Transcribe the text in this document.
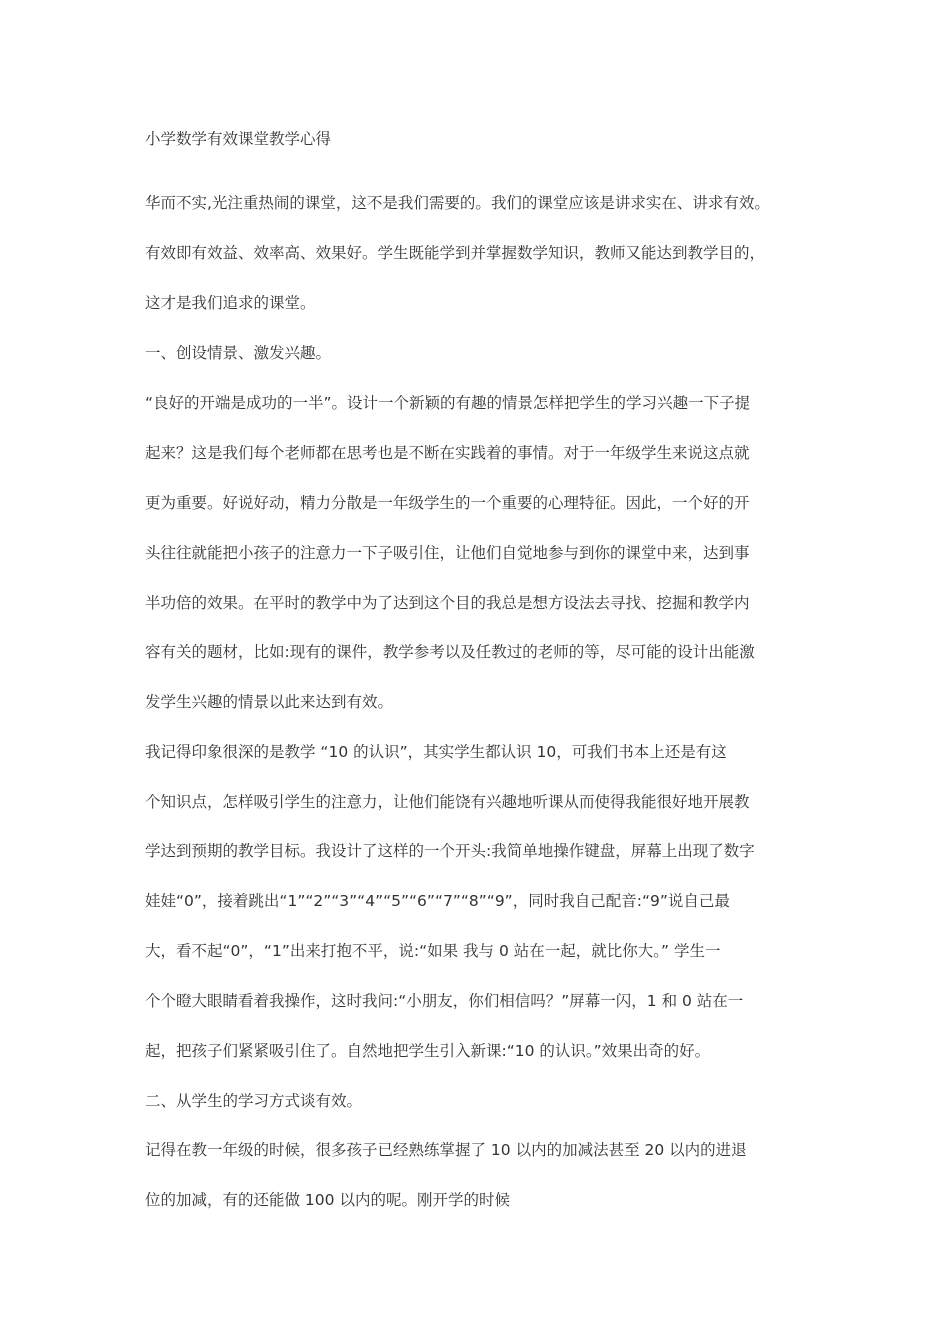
小学数学有效课堂教学心得
华而不实,光注重热闹的课堂，这不是我们需要的。我们的课堂应该是讲求实在、讲求有效。
有效即有效益、效率高、效果好。学生既能学到并掌握数学知识，教师又能达到教学目的，
这才是我们追求的课堂。
一、创设情景、激发兴趣。
“良好的开端是成功的一半”。设计一个新颖的有趣的情景怎样把学生的学习兴趣一下子提
起来？这是我们每个老师都在思考也是不断在实践着的事情。对于一年级学生来说这点就
更为重要。好说好动，精力分散是一年级学生的一个重要的心理特征。因此，一个好的开
头往往就能把小孩子的注意力一下子吸引住，让他们自觉地参与到你的课堂中来，达到事
半功倍的效果。在平时的教学中为了达到这个目的我总是想方设法去寻找、挖掘和教学内
容有关的题材，比如:现有的课件，教学参考以及任教过的老师的等，尽可能的设计出能激
发学生兴趣的情景以此来达到有效。
我记得印象很深的是教学 “10 的认识”，其实学生都认识 10，可我们书本上还是有这
个知识点，怎样吸引学生的注意力，让他们能饶有兴趣地听课从而使得我能很好地开展教
学达到预期的教学目标。我设计了这样的一个开头:我简单地操作键盘，屏幕上出现了数字
娃娃“0”，接着跳出“1”“2”“3”“4”“5”“6”“7”“8”“9”，同时我自己配音:“9”说自己最
大，看不起“0”，“1”出来打抱不平，说:“如果 我与 0 站在一起，就比你大。” 学生一
个个瞪大眼睛看着我操作，这时我问:“小朋友，你们相信吗？”屏幕一闪，1 和 0 站在一
起，把孩子们紧紧吸引住了。自然地把学生引入新课:“10 的认识。”效果出奇的好。
二、从学生的学习方式谈有效。
记得在教一年级的时候，很多孩子已经熟练掌握了 10 以内的加减法甚至 20 以内的进退
位的加减，有的还能做 100 以内的呢。刚开学的时候
